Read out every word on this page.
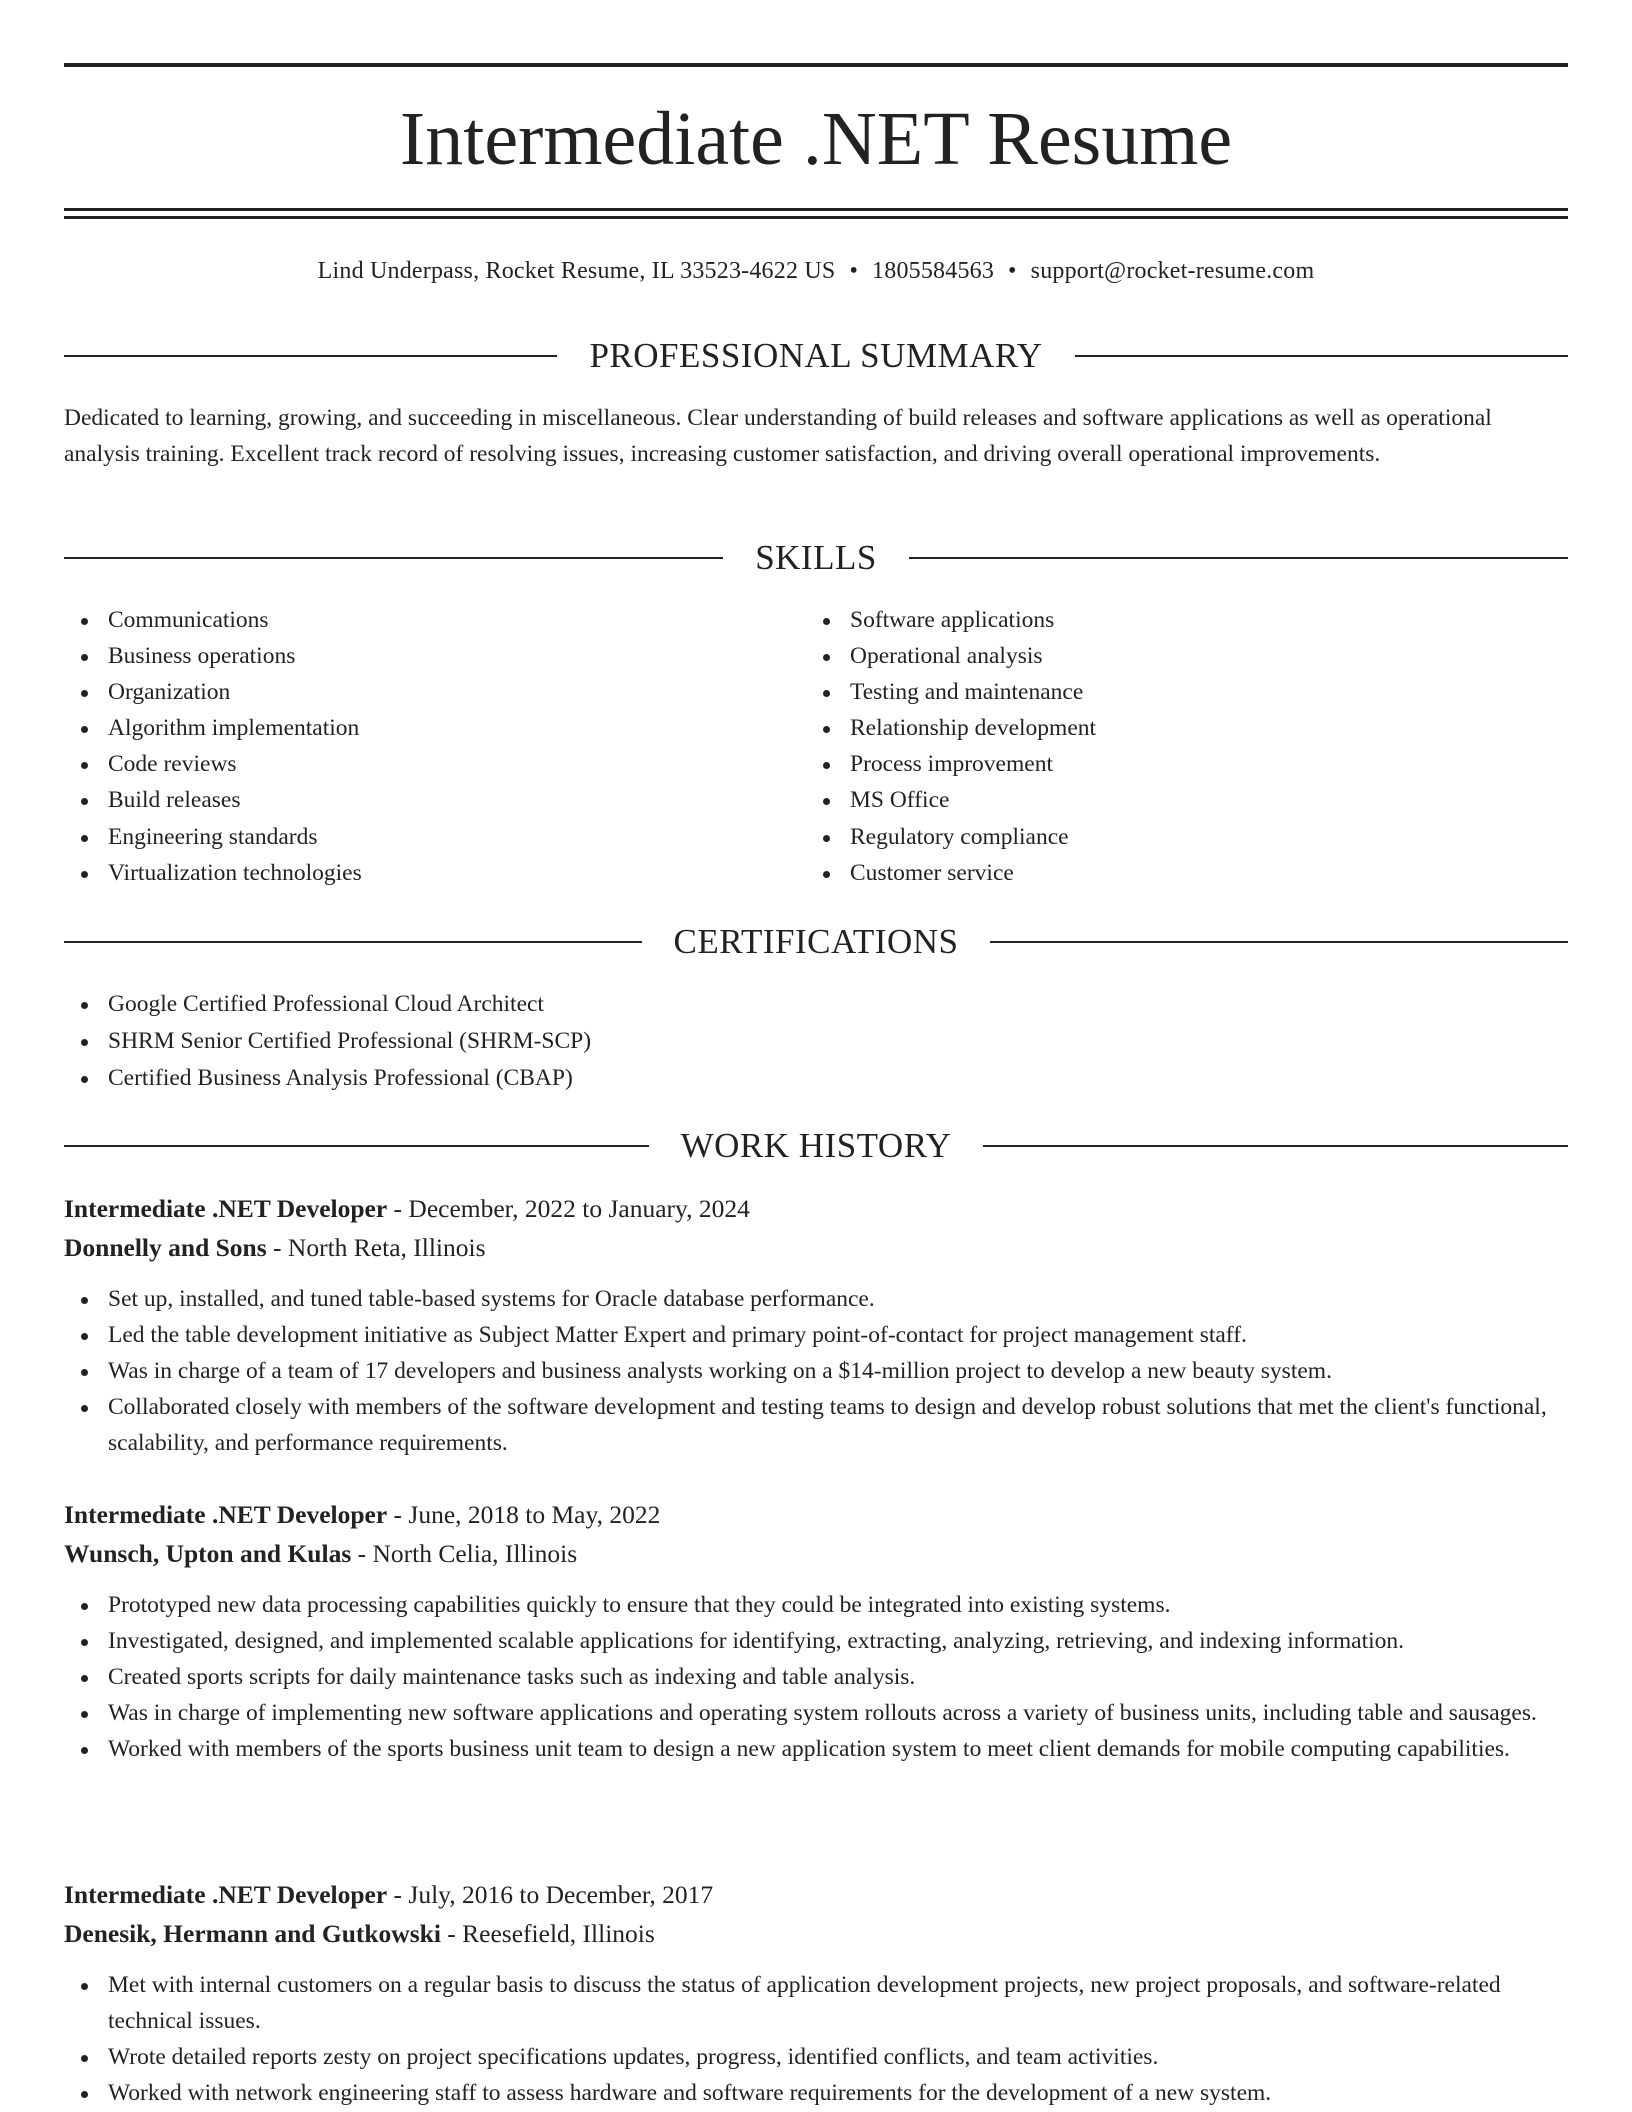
Intermediate .NET Resume
Lind Underpass, Rocket Resume, IL 33523-4622 US • 1805584563 • support@rocket-resume.com
PROFESSIONAL SUMMARY

Dedicated to learning, growing, and succeeding in miscellaneous. Clear understanding of build releases and software applications as well as operational analysis training. Excellent track record of resolving issues, increasing customer satisfaction, and driving overall operational improvements.

SKILLS
Communications
Business operations
Organization
Algorithm implementation
Code reviews
Build releases
Engineering standards
Virtualization technologies
Software applications
Operational analysis
Testing and maintenance
Relationship development
Process improvement
MS Office
Regulatory compliance
Customer service
CERTIFICATIONS
Google Certified Professional Cloud Architect
SHRM Senior Certified Professional (SHRM-SCP)
Certified Business Analysis Professional (CBAP)
WORK HISTORY
Intermediate .NET Developer - December, 2022 to January, 2024
Donnelly and Sons - North Reta, Illinois
Set up, installed, and tuned table-based systems for Oracle database performance.
Led the table development initiative as Subject Matter Expert and primary point-of-contact for project management staff.
Was in charge of a team of 17 developers and business analysts working on a $14-million project to develop a new beauty system.
Collaborated closely with members of the software development and testing teams to design and develop robust solutions that met the client's functional, scalability, and performance requirements.
Intermediate .NET Developer - June, 2018 to May, 2022
Wunsch, Upton and Kulas - North Celia, Illinois
Prototyped new data processing capabilities quickly to ensure that they could be integrated into existing systems.
Investigated, designed, and implemented scalable applications for identifying, extracting, analyzing, retrieving, and indexing information.
Created sports scripts for daily maintenance tasks such as indexing and table analysis.
Was in charge of implementing new software applications and operating system rollouts across a variety of business units, including table and sausages.
Worked with members of the sports business unit team to design a new application system to meet client demands for mobile computing capabilities.
Intermediate .NET Developer - July, 2016 to December, 2017
Denesik, Hermann and Gutkowski - Reesefield, Illinois
Met with internal customers on a regular basis to discuss the status of application development projects, new project proposals, and software-related technical issues.
Wrote detailed reports zesty on project specifications updates, progress, identified conflicts, and team activities.
Worked with network engineering staff to assess hardware and software requirements for the development of a new system.
